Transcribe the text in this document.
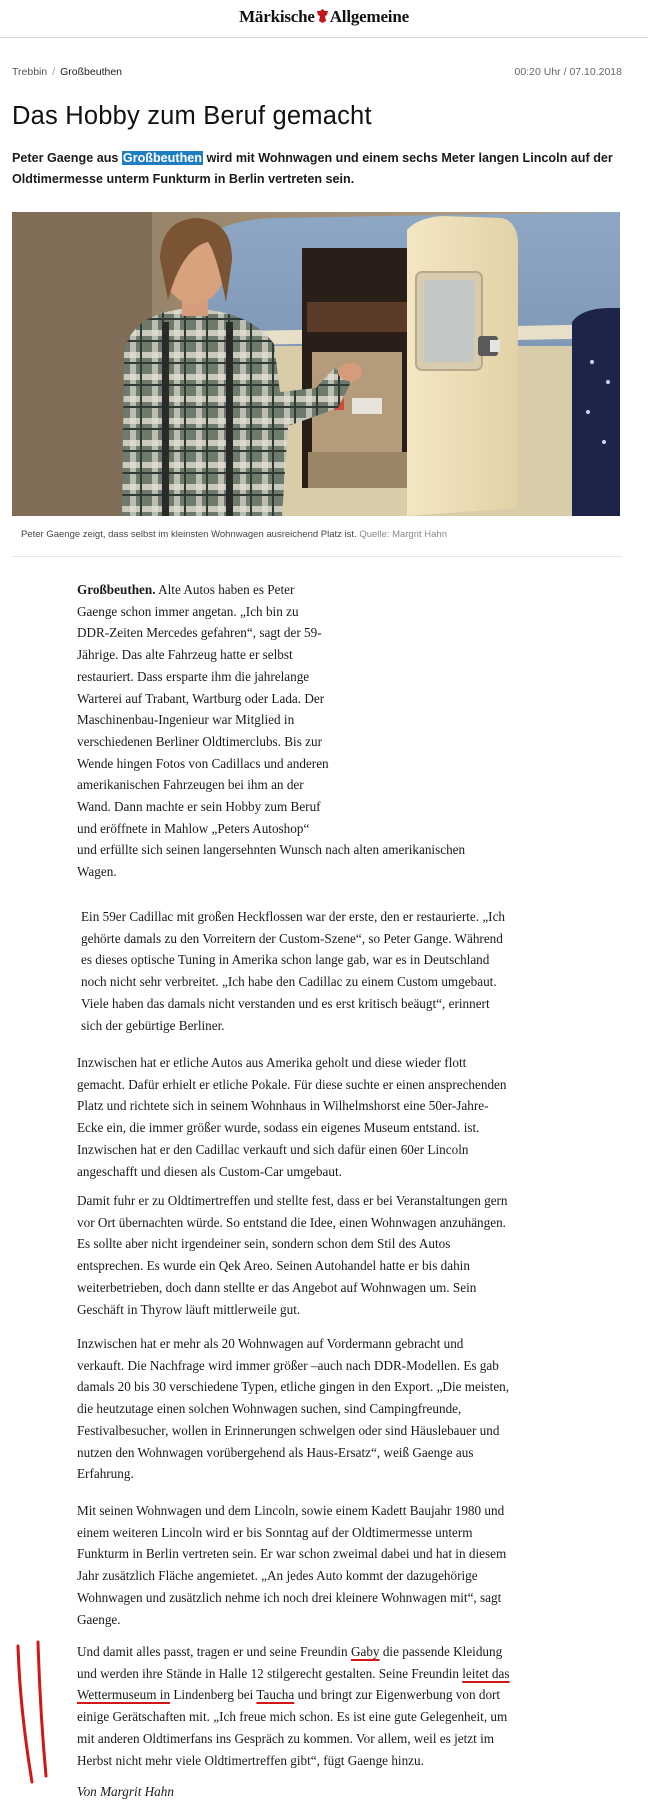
Märkische Allgemeine
Trebbin / Großbeuthen	00:20 Uhr / 07.10.2018
Das Hobby zum Beruf gemacht

Peter Gaenge aus Großbeuthen wird mit Wohnwagen und einem sechs Meter langen Lincoln auf der Oldtimermesse unterm Funkturm in Berlin vertreten sein.

Peter Gaenge zeigt, dass selbst im kleinsten Wohnwagen ausreichend Platz ist. Quelle: Margrit Hahn

Großbeuthen. Alte Autos haben es Peter
Gaenge schon immer angetan. „Ich bin zu
DDR-Zeiten Mercedes gefahren“, sagt der 59-
Jährige. Das alte Fahrzeug hatte er selbst
restauriert. Dass ersparte ihm die jahrelange
Warterei auf Trabant, Wartburg oder Lada. Der
Maschinenbau-Ingenieur war Mitglied in
verschiedenen Berliner Oldtimerclubs. Bis zur
Wende hingen Fotos von Cadillacs und anderen
amerikanischen Fahrzeugen bei ihm an der
Wand. Dann machte er sein Hobby zum Beruf
und eröffnete in Mahlow „Peters Autoshop“
und erfüllte sich seinen langersehnten Wunsch nach alten amerikanischen
Wagen.

Ein 59er Cadillac mit großen Heckflossen war der erste, den er restaurierte. „Ich
gehörte damals zu den Vorreitern der Custom-Szene“, so Peter Gange. Während
es dieses optische Tuning in Amerika schon lange gab, war es in Deutschland
noch nicht sehr verbreitet. „Ich habe den Cadillac zu einem Custom umgebaut.
Viele haben das damals nicht verstanden und es erst kritisch beäugt“, erinnert
sich der gebürtige Berliner.

Inzwischen hat er etliche Autos aus Amerika geholt und diese wieder flott
gemacht. Dafür erhielt er etliche Pokale. Für diese suchte er einen ansprechenden
Platz und richtete sich in seinem Wohnhaus in Wilhelmshorst eine 50er-Jahre-
Ecke ein, die immer größer wurde, sodass ein eigenes Museum entstand. ist.
Inzwischen hat er den Cadillac verkauft und sich dafür einen 60er Lincoln
angeschafft und diesen als Custom-Car umgebaut.

Damit fuhr er zu Oldtimertreffen und stellte fest, dass er bei Veranstaltungen gern
vor Ort übernachten würde. So entstand die Idee, einen Wohnwagen anzuhängen.
Es sollte aber nicht irgendeiner sein, sondern schon dem Stil des Autos
entsprechen. Es wurde ein Qek Areo. Seinen Autohandel hatte er bis dahin
weiterbetrieben, doch dann stellte er das Angebot auf Wohnwagen um. Sein
Geschäft in Thyrow läuft mittlerweile gut.

Inzwischen hat er mehr als 20 Wohnwagen auf Vordermann gebracht und
verkauft. Die Nachfrage wird immer größer –auch nach DDR-Modellen. Es gab
damals 20 bis 30 verschiedene Typen, etliche gingen in den Export. „Die meisten,
die heutzutage einen solchen Wohnwagen suchen, sind Campingfreunde,
Festivalbesucher, wollen in Erinnerungen schwelgen oder sind Häuslebauer und
nutzen den Wohnwagen vorübergehend als Haus-Ersatz“, weiß Gaenge aus
Erfahrung.

Mit seinen Wohnwagen und dem Lincoln, sowie einem Kadett Baujahr 1980 und
einem weiteren Lincoln wird er bis Sonntag auf der Oldtimermesse unterm
Funkturm in Berlin vertreten sein. Er war schon zweimal dabei und hat in diesem
Jahr zusätzlich Fläche angemietet. „An jedes Auto kommt der dazugehörige
Wohnwagen und zusätzlich nehme ich noch drei kleinere Wohnwagen mit“, sagt
Gaenge.

Und damit alles passt, tragen er und seine Freundin Gaby die passende Kleidung
und werden ihre Stände in Halle 12 stilgerecht gestalten. Seine Freundin leitet das
Wettermuseum in Lindenberg bei Taucha und bringt zur Eigenwerbung von dort
einige Gerätschaften mit. „Ich freue mich schon. Es ist eine gute Gelegenheit, um
mit anderen Oldtimerfans ins Gespräch zu kommen. Vor allem, weil es jetzt im
Herbst nicht mehr viele Oldtimertreffen gibt“, fügt Gaenge hinzu.

Von Margrit Hahn
